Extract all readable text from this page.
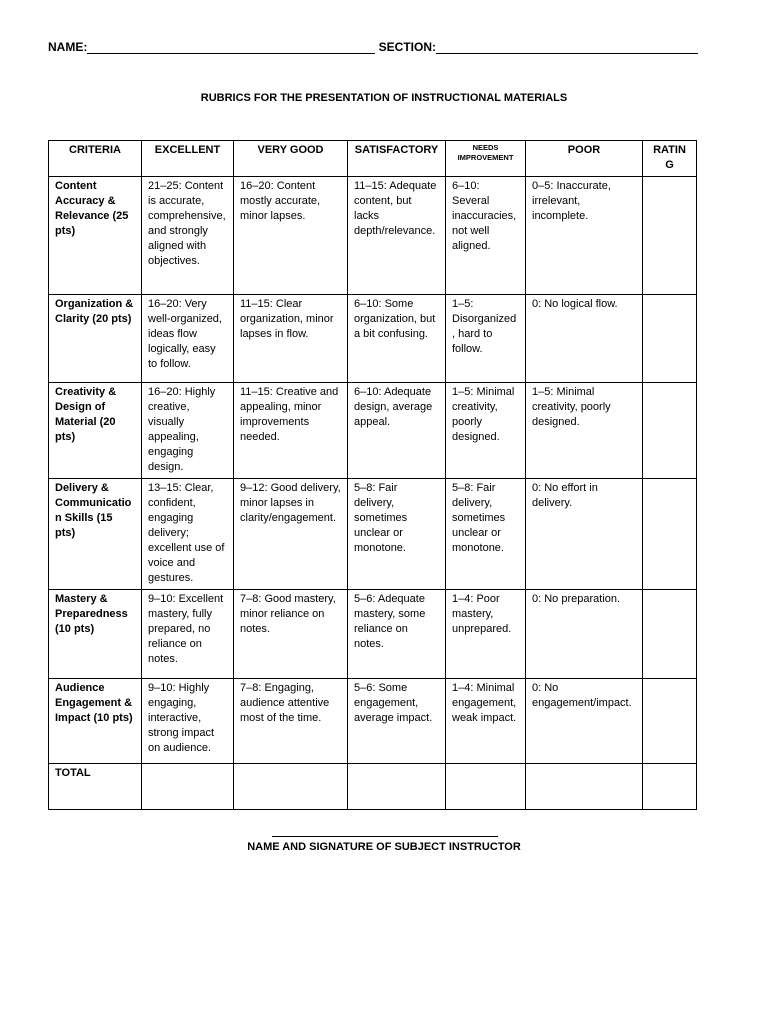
NAME:	SECTION:
RUBRICS FOR THE PRESENTATION OF INSTRUCTIONAL MATERIALS
CRITERIA	EXCELLENT	VERY GOOD	SATISFACTORY	NEEDS IMPROVEMENT	POOR	RATING
Content Accuracy & Relevance (25 pts)	21–25: Content is accurate, comprehensive, and strongly aligned with objectives.	16–20: Content mostly accurate, minor lapses.	11–15: Adequate content, but lacks depth/relevance.	6–10: Several inaccuracies, not well aligned.	0–5: Inaccurate, irrelevant, incomplete.	
Organization & Clarity (20 pts)	16–20: Very well-organized, ideas flow logically, easy to follow.	11–15: Clear organization, minor lapses in flow.	6–10: Some organization, but a bit confusing.	1–5: Disorganized, hard to follow.	0: No logical flow.	
Creativity & Design of Material (20 pts)	16–20: Highly creative, visually appealing, engaging design.	11–15: Creative and appealing, minor improvements needed.	6–10: Adequate design, average appeal.	1–5: Minimal creativity, poorly designed.	1–5: Minimal creativity, poorly designed.	
Delivery & Communication Skills (15 pts)	13–15: Clear, confident, engaging delivery; excellent use of voice and gestures.	9–12: Good delivery, minor lapses in clarity/engagement.	5–8: Fair delivery, sometimes unclear or monotone.	5–8: Fair delivery, sometimes unclear or monotone.	0: No effort in delivery.	
Mastery & Preparedness (10 pts)	9–10: Excellent mastery, fully prepared, no reliance on notes.	7–8: Good mastery, minor reliance on notes.	5–6: Adequate mastery, some reliance on notes.	1–4: Poor mastery, unprepared.	0: No preparation.	
Audience Engagement & Impact (10 pts)	9–10: Highly engaging, interactive, strong impact on audience.	7–8: Engaging, audience attentive most of the time.	5–6: Some engagement, average impact.	1–4: Minimal engagement, weak impact.	0: No engagement/impact.	
TOTAL						
NAME AND SIGNATURE OF SUBJECT INSTRUCTOR
